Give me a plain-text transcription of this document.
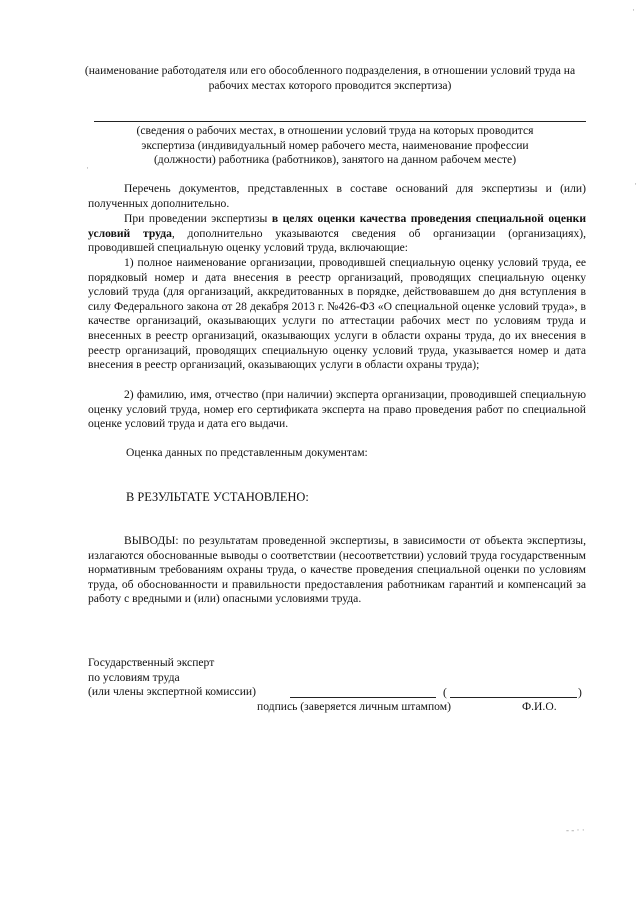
(наименование работодателя или его обособленного подразделения, в отношении условий труда на рабочих местах которого проводится экспертиза)

(сведения о рабочих местах, в отношении условий труда на которых проводится экспертиза (индивидуальный номер рабочего места, наименование профессии (должности) работника (работников), занятого на данном рабочем месте)

Перечень документов, представленных в составе оснований для экспертизы и (или) полученных дополнительно.

При проведении экспертизы в целях оценки качества проведения специальной оценки условий труда, дополнительно указываются сведения об организации (организациях), проводившей специальную оценку условий труда, включающие:

1) полное наименование организации, проводившей специальную оценку условий труда, ее порядковый номер и дата внесения в реестр организаций, проводящих специальную оценку условий труда (для организаций, аккредитованных в порядке, действовавшем до дня вступления в силу Федерального закона от 28 декабря 2013 г. №426-ФЗ «О специальной оценке условий труда», в качестве организаций, оказывающих услуги по аттестации рабочих мест по условиям труда и внесенных в реестр организаций, оказывающих услуги в области охраны труда, до их внесения в реестр организаций, проводящих специальную оценку условий труда, указывается номер и дата внесения в реестр организаций, оказывающих услуги в области охраны труда);

2) фамилию, имя, отчество (при наличии) эксперта организации, проводившей специальную оценку условий труда, номер его сертификата эксперта на право проведения работ по специальной оценке условий труда и дата его выдачи.

Оценка данных по представленным документам:

В РЕЗУЛЬТАТЕ УСТАНОВЛЕНО:

ВЫВОДЫ: по результатам проведенной экспертизы, в зависимости от объекта экспертизы, излагаются обоснованные выводы о соответствии (несоответствии) условий труда государственным нормативным требованиям охраны труда, о качестве проведения специальной оценки по условиям труда, об обоснованности и правильности предоставления работникам гарантий и компенсаций за работу с вредными и (или) опасными условиями труда.

Государственный эксперт

по условиям труда

(или члены экспертной комиссии)	(	)
подпись (заверяется личным штампом)	Ф.И.О.
·
·
·
- - · ·
